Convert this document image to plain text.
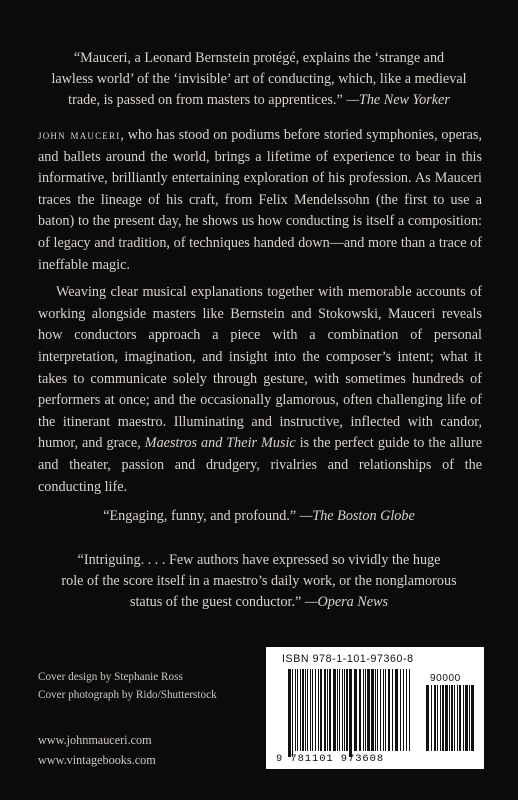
“Mauceri, a Leonard Bernstein protégé, explains the ‘strange and
lawless world’ of the ‘invisible’ art of conducting, which, like a medieval
trade, is passed on from masters to apprentices.” —The New Yorker

john mauceri, who has stood on podiums before storied symphonies, operas, and ballets around the world, brings a lifetime of experience to bear in this informative, brilliantly entertaining exploration of his profession. As Mauceri traces the lineage of his craft, from Felix Mendelssohn (the first to use a baton) to the present day, he shows us how conducting is itself a composition: of legacy and tradition, of techniques handed down—and more than a trace of ineffable magic.

Weaving clear musical explanations together with memorable accounts of working alongside masters like Bernstein and Stokowski, Mauceri reveals how conductors approach a piece with a combination of personal interpretation, imagination, and insight into the composer’s intent; what it takes to communicate solely through gesture, with sometimes hundreds of performers at once; and the occasionally glamorous, often challenging life of the itinerant maestro. Illuminating and instructive, inflected with candor, humor, and grace, Maestros and Their Music is the perfect guide to the allure and theater, passion and drudgery, rivalries and relationships of the conducting life.

“Engaging, funny, and profound.” —The Boston Globe
“Intriguing. . . . Few authors have expressed so vividly the huge
role of the score itself in a maestro’s daily work, or the nonglamorous
status of the guest conductor.” —Opera News
Cover design by Stephanie Ross
Cover photograph by Rido/Shutterstock
www.johnmauceri.com
www.vintagebooks.com
ISBN 978-1-101-97360-8
90000
9 781101 973608
